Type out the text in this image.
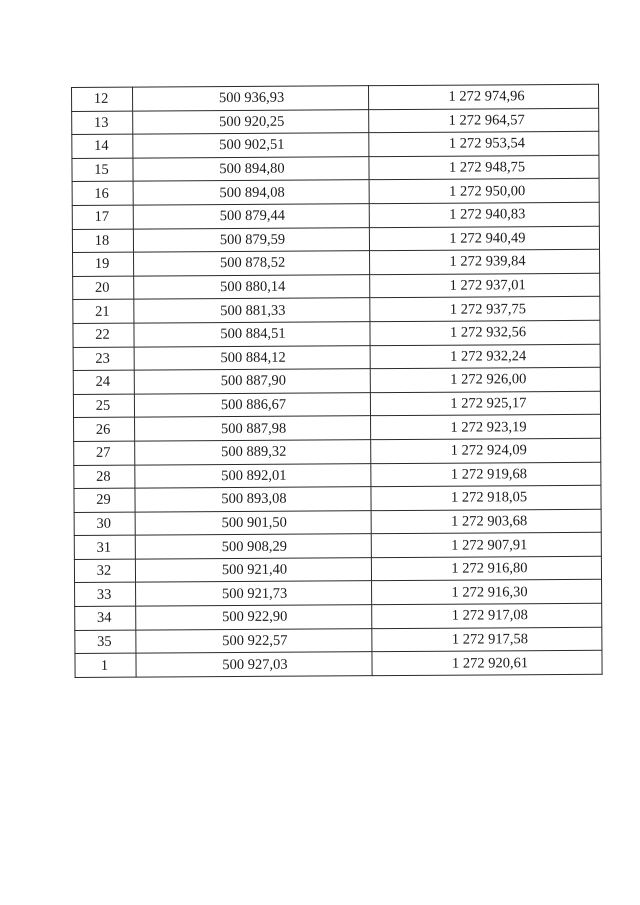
12	500 936,93	1 272 974,96
13	500 920,25	1 272 964,57
14	500 902,51	1 272 953,54
15	500 894,80	1 272 948,75
16	500 894,08	1 272 950,00
17	500 879,44	1 272 940,83
18	500 879,59	1 272 940,49
19	500 878,52	1 272 939,84
20	500 880,14	1 272 937,01
21	500 881,33	1 272 937,75
22	500 884,51	1 272 932,56
23	500 884,12	1 272 932,24
24	500 887,90	1 272 926,00
25	500 886,67	1 272 925,17
26	500 887,98	1 272 923,19
27	500 889,32	1 272 924,09
28	500 892,01	1 272 919,68
29	500 893,08	1 272 918,05
30	500 901,50	1 272 903,68
31	500 908,29	1 272 907,91
32	500 921,40	1 272 916,80
33	500 921,73	1 272 916,30
34	500 922,90	1 272 917,08
35	500 922,57	1 272 917,58
1	500 927,03	1 272 920,61
